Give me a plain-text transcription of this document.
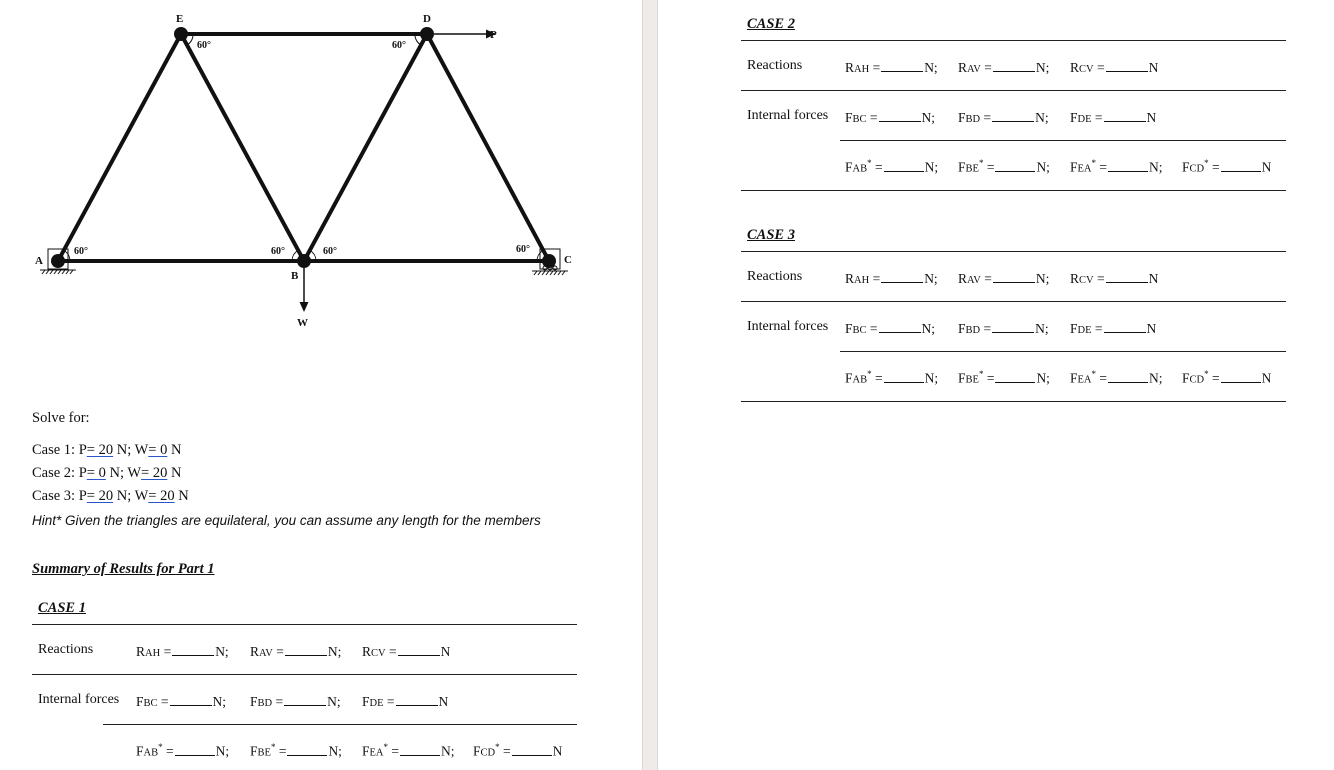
A
E	D
B
C
P
W
60°
60°	60°
60°	60°	60°
Solve for:
Case 1: P= 20 N; W= 0 N
Case 2: P= 0 N; W= 20 N
Case 3: P= 20 N; W= 20 N
Hint* Given the triangles are equilateral, you can assume any length for the members
Summary of Results for Part 1
CASE 1
Reactions	RAH =	N; RAV =	N; RCV =	N
Internal forces FBC =	N; FBD =	N; FDE =	N
FAB* =	N; FBE* =	N; FEA* =	N; FCD* =	N
CASE 2
Reactions	RAH =	N; RAV =	N; RCV =	N
Internal forces FBC =	N; FBD =	N; FDE =	N
FAB* =	N; FBE* =	N; FEA* =	N; FCD* =	N
CASE 3
Reactions	RAH =	N; RAV =	N; RCV =	N
Internal forces FBC =	N; FBD =	N; FDE =	N
FAB* =	N; FBE* =	N; FEA* =	N; FCD* =	N
